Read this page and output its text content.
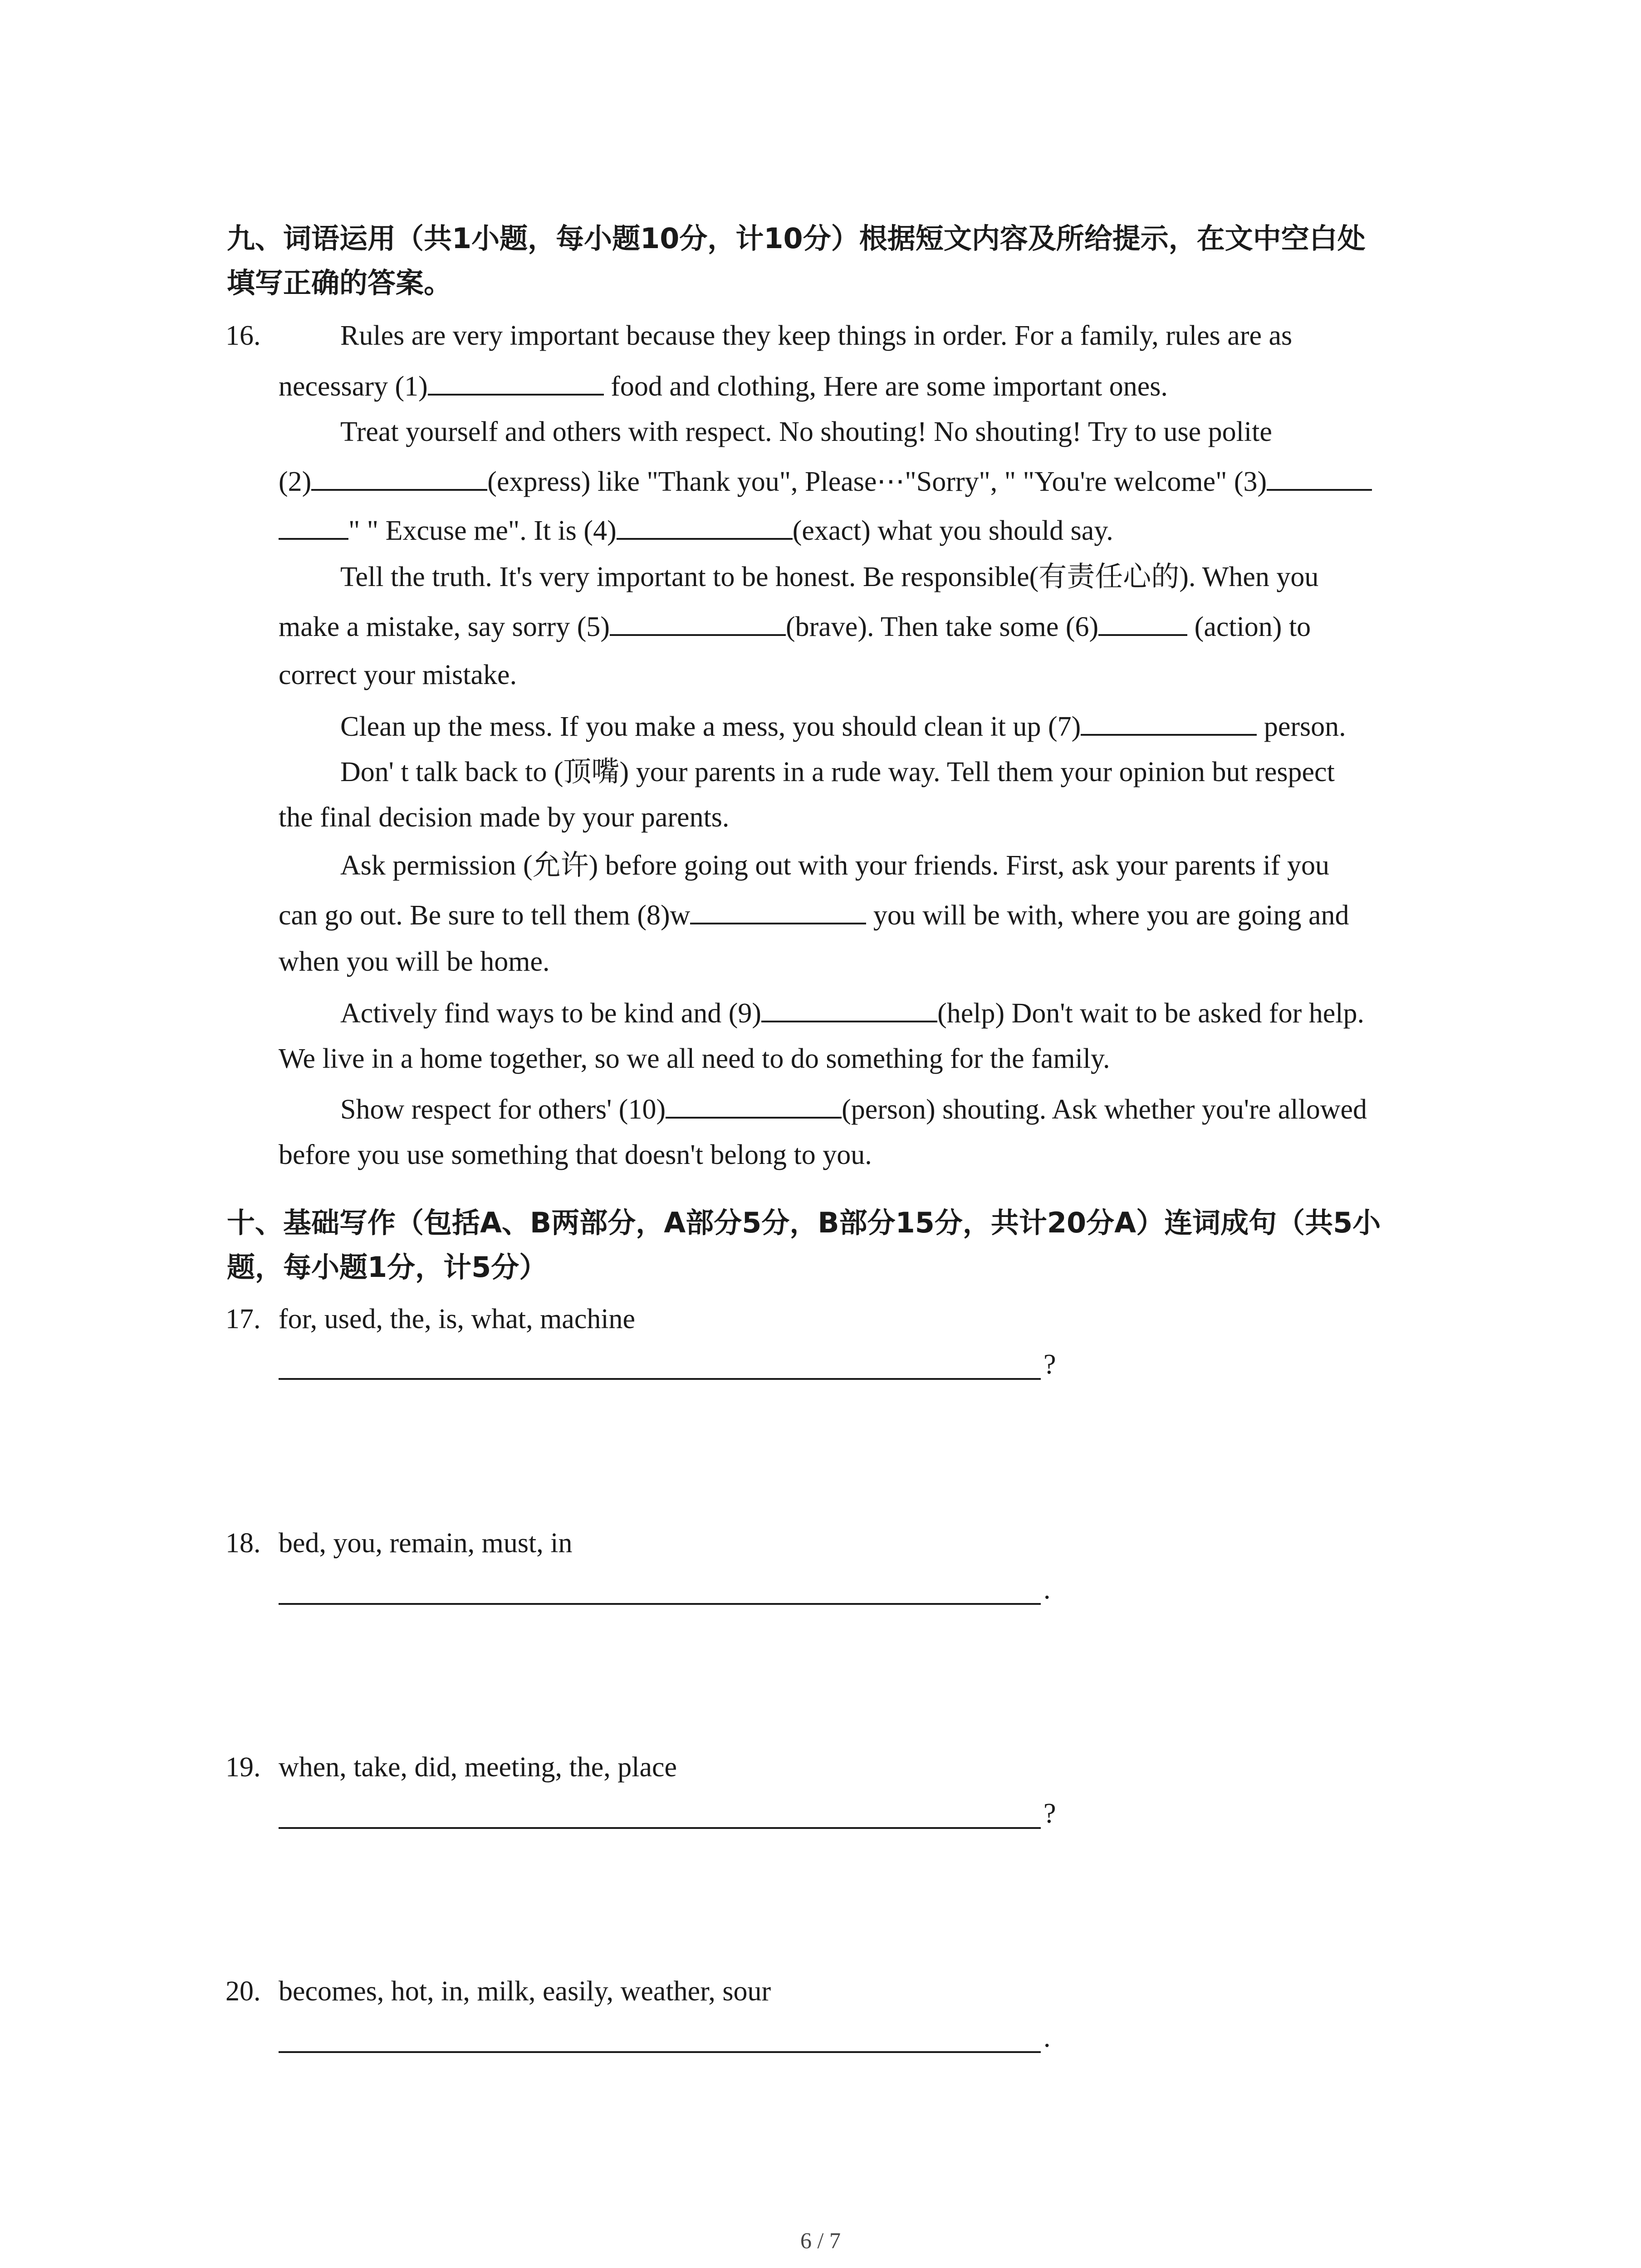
九、词语运用（共1小题，每小题10分，计10分）根据短文内容及所给提示，在文中空白处
填写正确的答案。
16.	Rules are very important because they keep things in order. For a family, rules are as
necessary (1)	food and clothing, Here are some important ones.
Treat yourself and others with respect. No shouting! No shouting! Try to use polite
(2)	(express) like "Thank you", Please⋯"Sorry", " "You're welcome" (3)
" " Excuse me". It is (4)	(exact) what you should say.
Tell the truth. It's very important to be honest. Be responsible(有责任心的). When you
make a mistake, say sorry (5)	(brave). Then take some (6)	(action) to
correct your mistake.
Clean up the mess. If you make a mess, you should clean it up (7)	person.
Don' t talk back to (顶嘴) your parents in a rude way. Tell them your opinion but respect
the final decision made by your parents.
Ask permission (允许) before going out with your friends. First, ask your parents if you
can go out. Be sure to tell them (8)w	you will be with, where you are going and
when you will be home.
Actively find ways to be kind and (9)	(help) Don't wait to be asked for help.
We live in a home together, so we all need to do something for the family.
Show respect for others' (10)	(person) shouting. Ask whether you're allowed
before you use something that doesn't belong to you.
十、基础写作（包括A、B两部分，A部分5分，B部分15分，共计20分A）连词成句（共5小
题，每小题1分，计5分）
17. for, used, the, is, what, machine
?
18. bed, you, remain, must, in
.
19. when, take, did, meeting, the, place
?
20. becomes, hot, in, milk, easily, weather, sour
.
6 / 7
